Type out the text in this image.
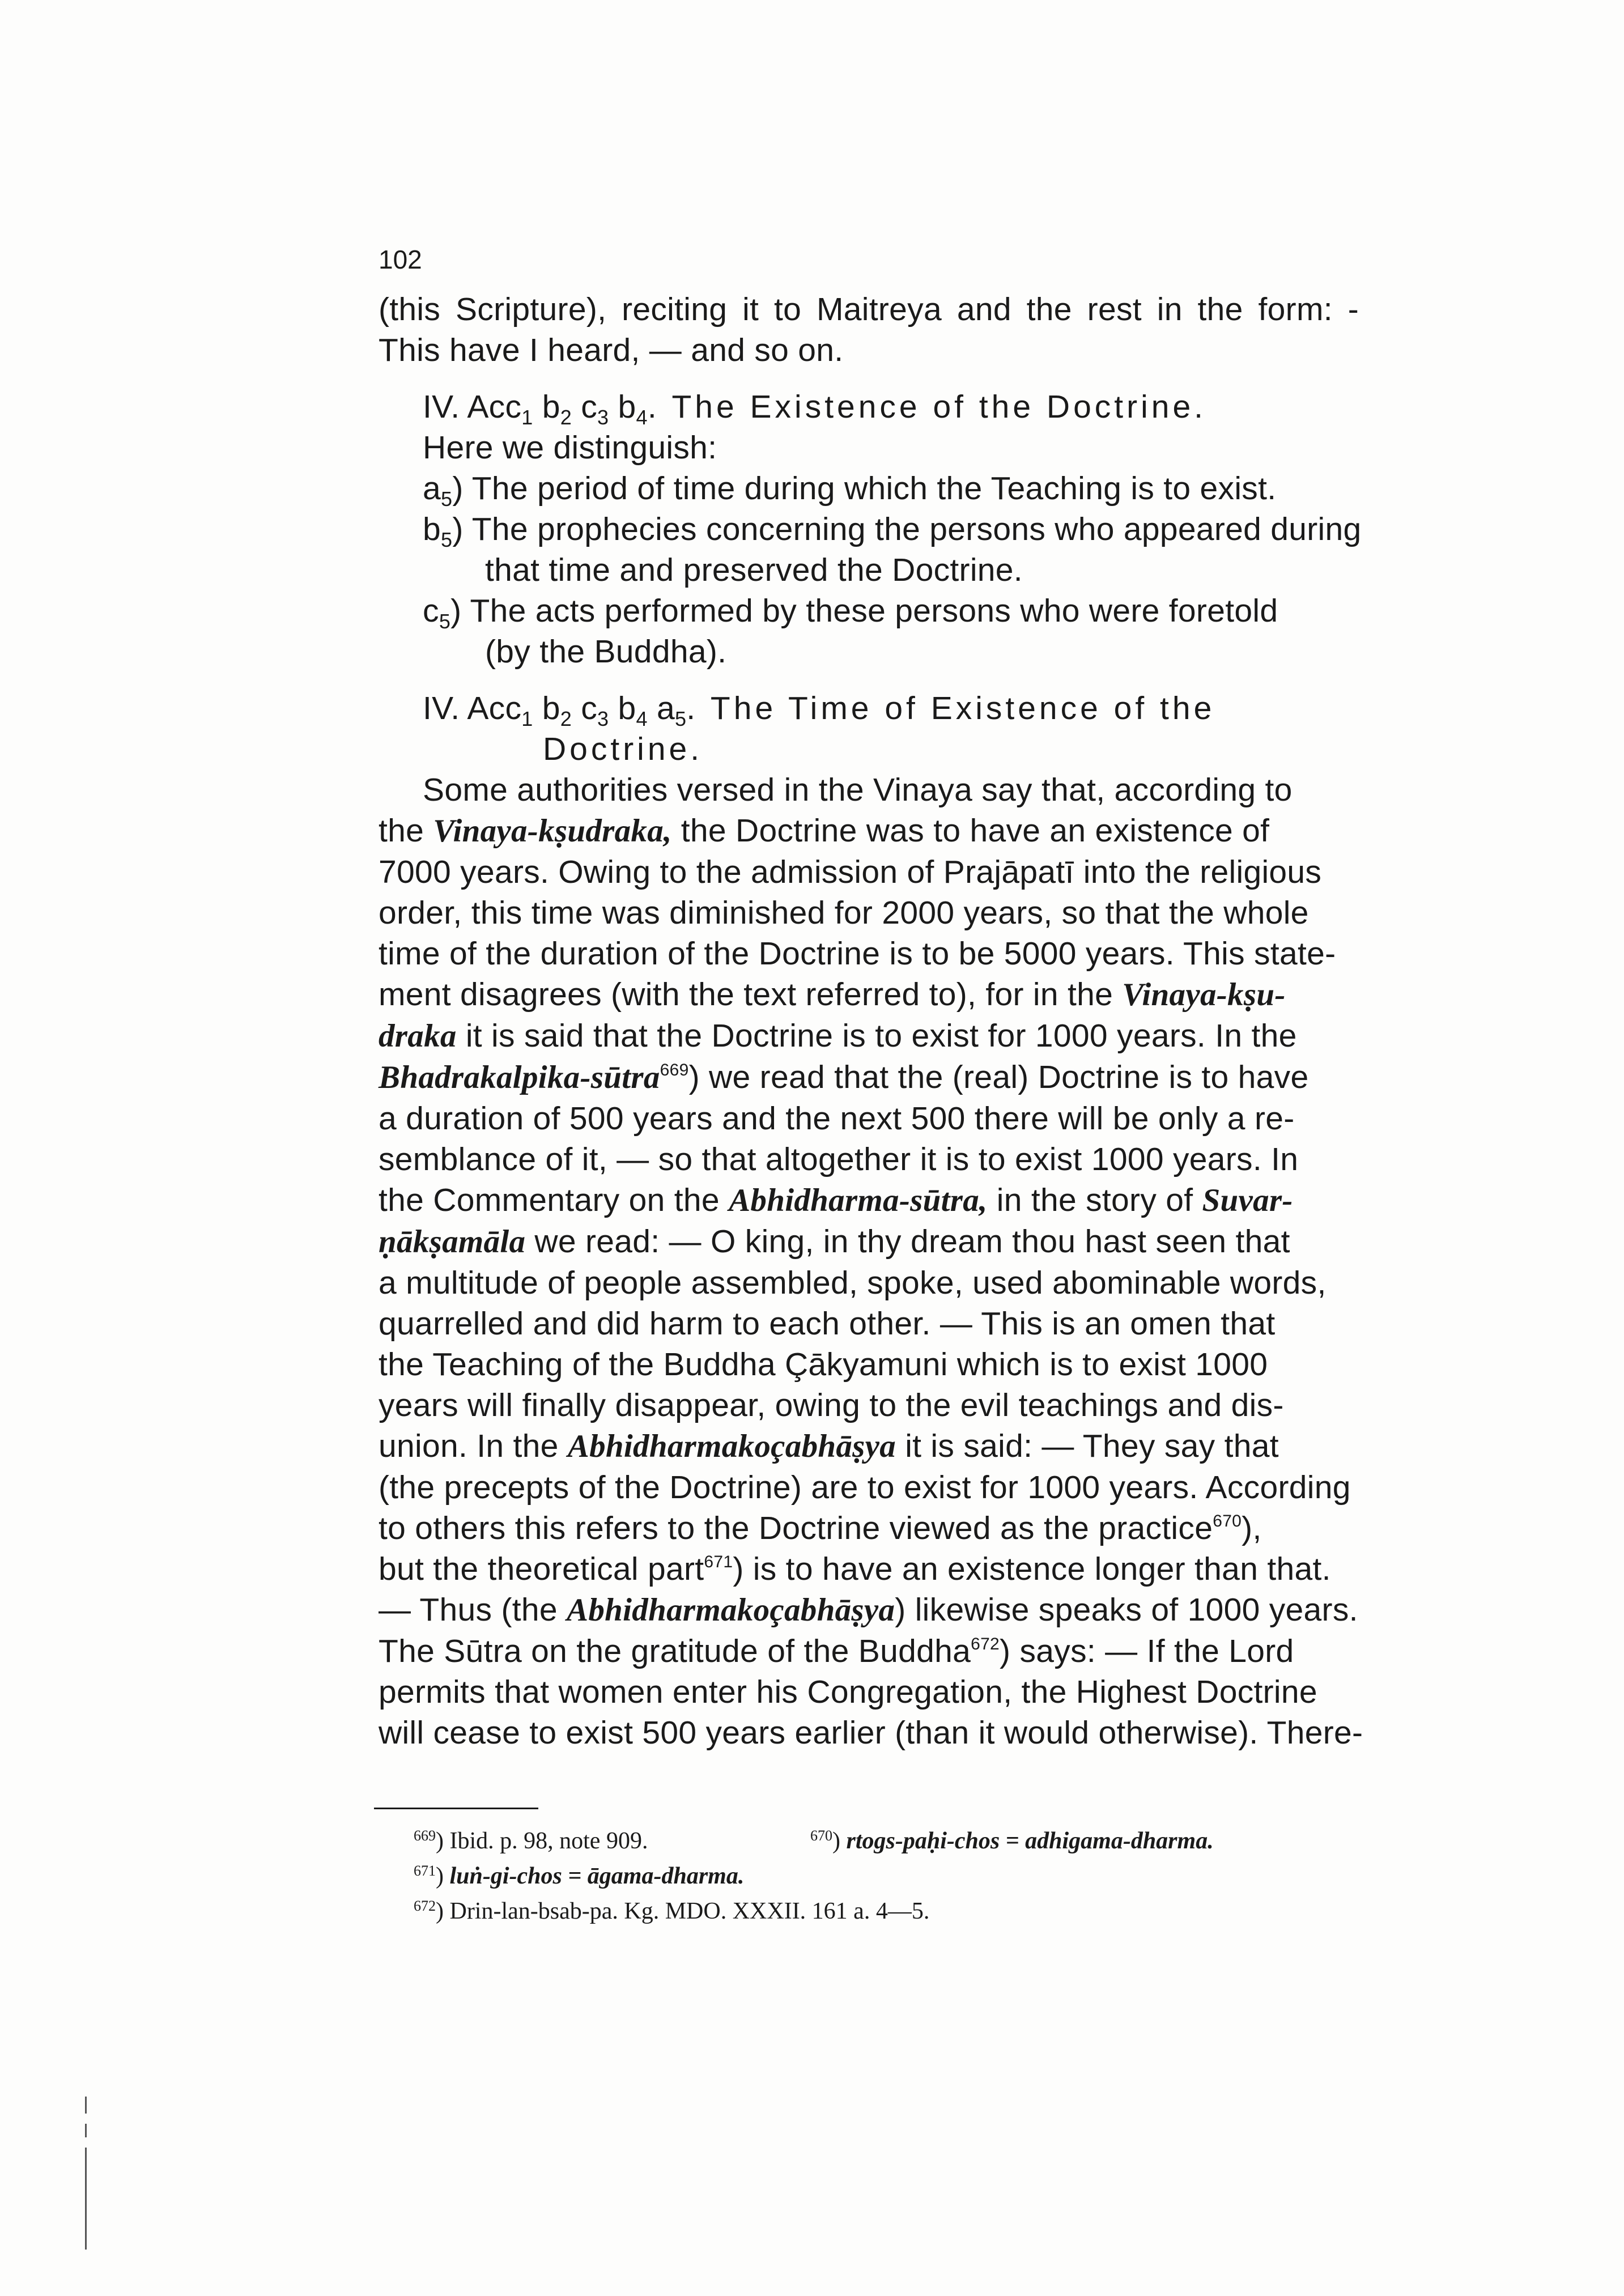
102
(this Scripture), reciting it to Maitreya and the rest in the form: -
This have I heard, — and so on.
IV. Acc$_1$ $b_2$ $c_3$ $b_4$. The Existence of the Doctrine.
Here we distinguish:
$a_5$) The period of time during which the Teaching is to exist.
$b_5$) The prophecies concerning the persons who appeared during
that time and preserved the Doctrine.
$c_5$) The acts performed by these persons who were foretold
(by the Buddha).
IV. Acc$_1$ $b_2$ $c_3$ $b_4$ $a_5$. The Time of Existence of the
Doctrine.
Some authorities versed in the Vinaya say that, according to
the Vinaya-kṣudraka, the Doctrine was to have an existence of
7000 years. Owing to the admission of Prajāpatī into the religious
order, this time was diminished for 2000 years, so that the whole
time of the duration of the Doctrine is to be 5000 years. This state-
ment disagrees (with the text referred to), for in the Vinaya-kṣu-
draka it is said that the Doctrine is to exist for 1000 years. In the
Bhadrakalpika-sūtra$^{669}$) we read that the (real) Doctrine is to have
a duration of 500 years and the next 500 there will be only a re-
semblance of it, — so that altogether it is to exist 1000 years. In
the Commentary on the Abhidharma-sūtra, in the story of Suvar-
ṇākṣamāla we read: — O king, in thy dream thou hast seen that
a multitude of people assembled, spoke, used abominable words,
quarrelled and did harm to each other. — This is an omen that
the Teaching of the Buddha Çākyamuni which is to exist 1000
years will finally disappear, owing to the evil teachings and dis-
union. In the Abhidharmakoçabhāṣya it is said: — They say that
(the precepts of the Doctrine) are to exist for 1000 years. According
to others this refers to the Doctrine viewed as the practice$^{670}$),
but the theoretical part$^{671}$) is to have an existence longer than that.
— Thus (the Abhidharmakoçabhāṣya) likewise speaks of 1000 years.
The Sūtra on the gratitude of the Buddha$^{672}$) says: — If the Lord
permits that women enter his Congregation, the Highest Doctrine
will cease to exist 500 years earlier (than it would otherwise). There-
$^{669}$) Ibid. p. 98, note 909.	$^{670}$) rtogs-paḥi-chos = adhigama-dharma.
$^{671}$) luṅ-gi-chos = āgama-dharma.
$^{672}$) Drin-lan-bsab-pa. Kg. MDO. XXXII. 161 a. 4—5.
